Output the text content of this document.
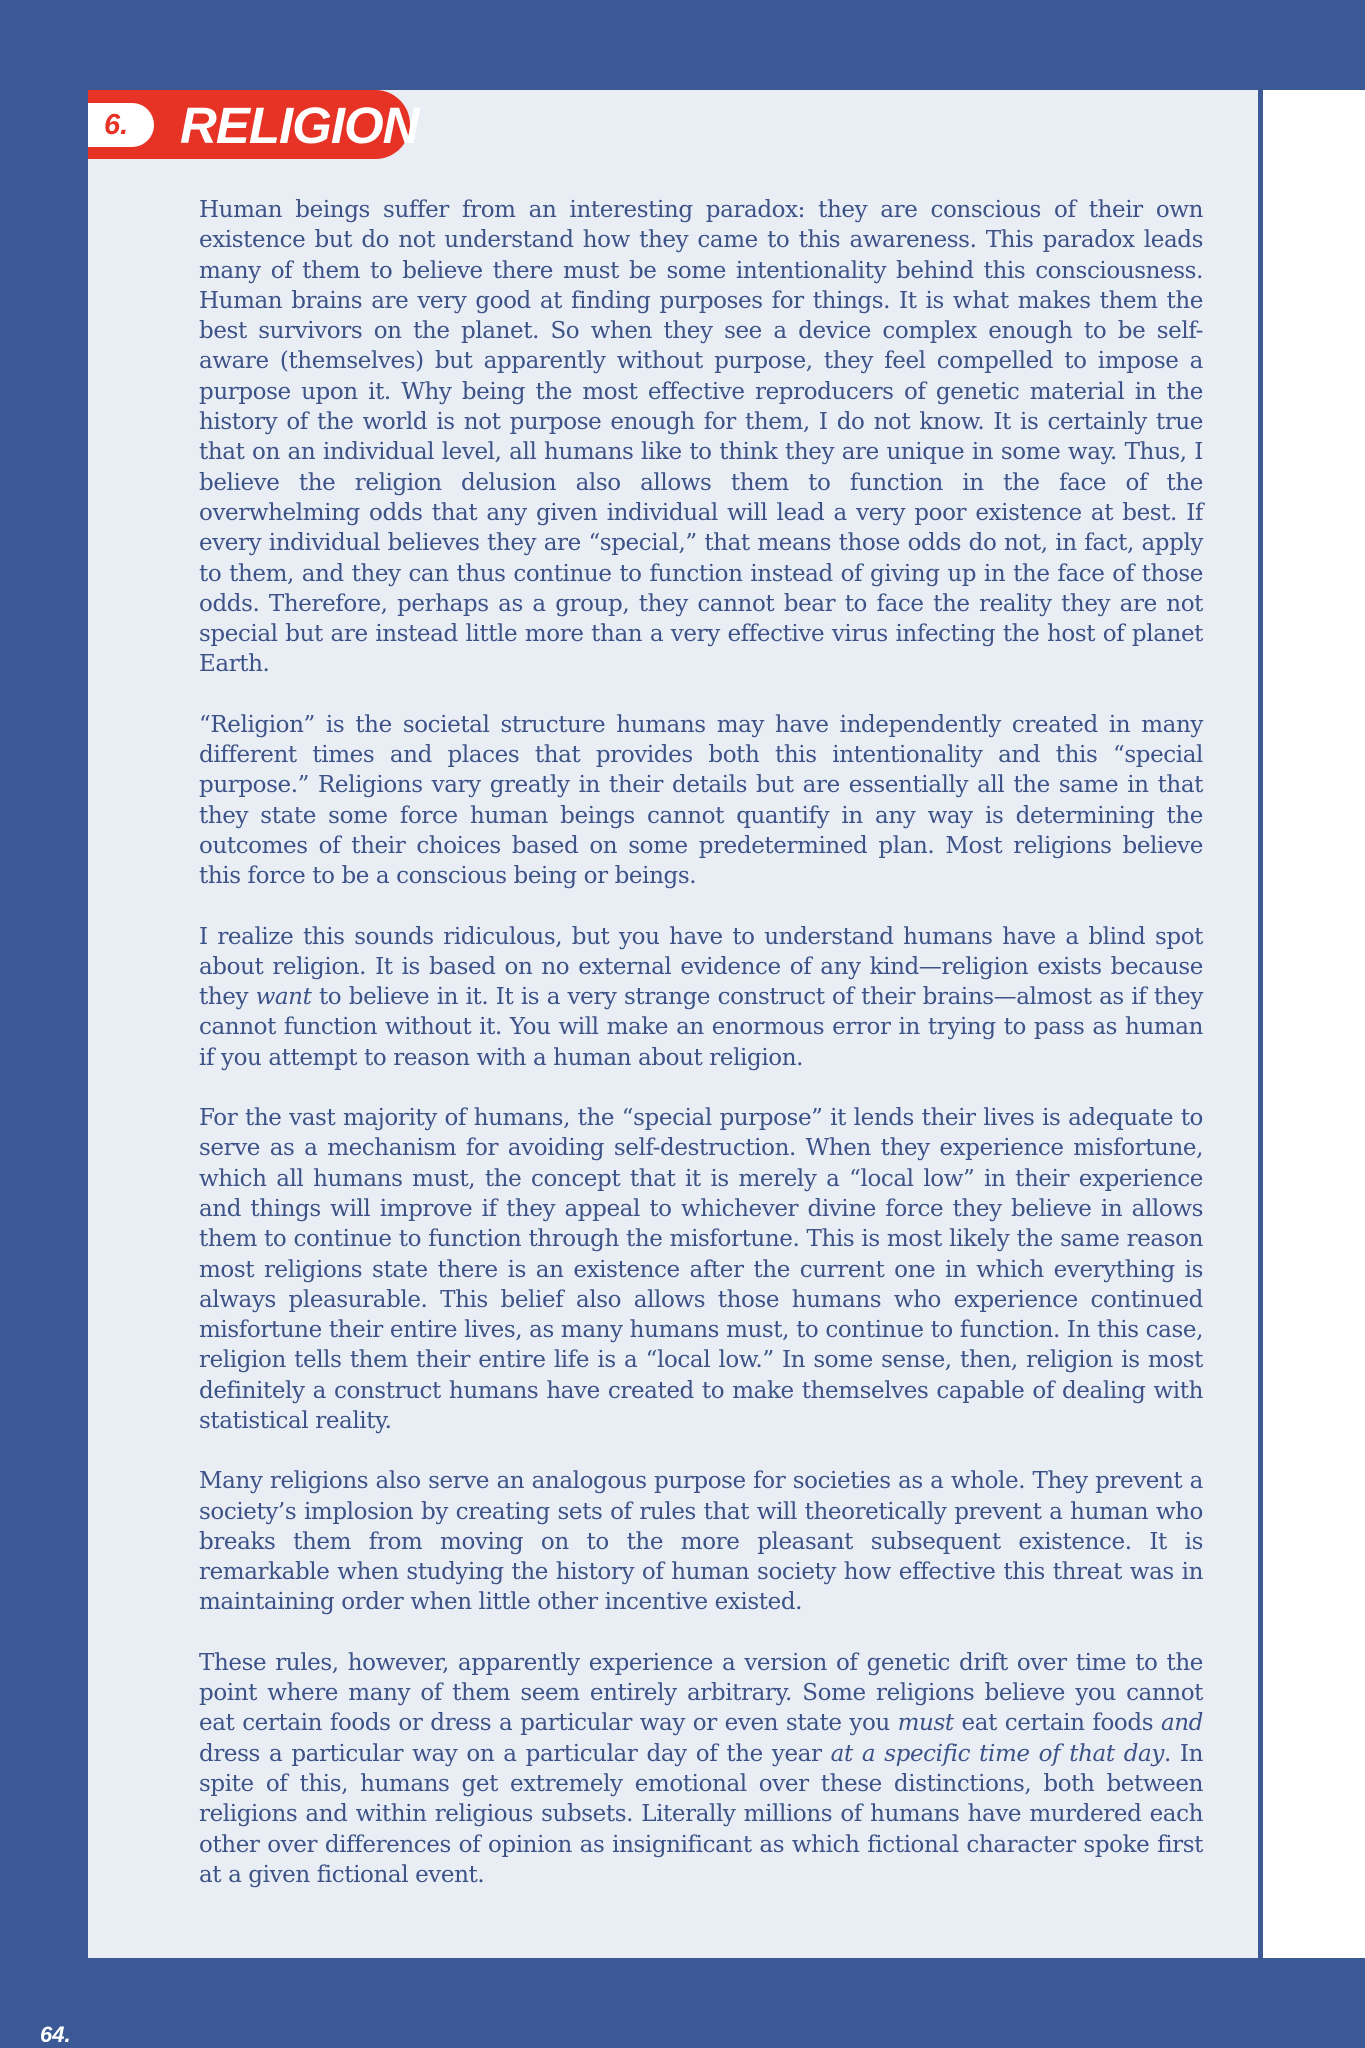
6. RELIGION

Human beings suffer from an interesting paradox: they are conscious of their own existence but do not understand how they came to this awareness. This paradox leads many of them to believe there must be some intentionality behind this consciousness. Human brains are very good at finding purposes for things. It is what makes them the best survivors on the planet. So when they see a device complex enough to be self-aware (themselves) but apparently without purpose, they feel compelled to impose a purpose upon it. Why being the most effective reproducers of genetic material in the history of the world is not purpose enough for them, I do not know. It is certainly true that on an individual level, all humans like to think they are unique in some way. Thus, I believe the religion delusion also allows them to function in the face of the overwhelming odds that any given individual will lead a very poor existence at best. If every individual believes they are “special,” that means those odds do not, in fact, apply to them, and they can thus continue to function instead of giving up in the face of those odds. Therefore, perhaps as a group, they cannot bear to face the reality they are not special but are instead little more than a very effective virus infecting the host of planet Earth.

“Religion” is the societal structure humans may have independently created in many different times and places that provides both this intentionality and this “special purpose.” Religions vary greatly in their details but are essentially all the same in that they state some force human beings cannot quantify in any way is determining the outcomes of their choices based on some predetermined plan. Most religions believe this force to be a conscious being or beings.

I realize this sounds ridiculous, but you have to understand humans have a blind spot about religion. It is based on no external evidence of any kind—religion exists because they want to believe in it. It is a very strange construct of their brains—almost as if they cannot function without it. You will make an enormous error in trying to pass as human if you attempt to reason with a human about religion.

For the vast majority of humans, the “special purpose” it lends their lives is adequate to serve as a mechanism for avoiding self-destruction. When they experience misfortune, which all humans must, the concept that it is merely a “local low” in their experience and things will improve if they appeal to whichever divine force they believe in allows them to continue to function through the misfortune. This is most likely the same reason most religions state there is an existence after the current one in which everything is always pleasurable. This belief also allows those humans who experience continued misfortune their entire lives, as many humans must, to continue to function. In this case, religion tells them their entire life is a “local low.” In some sense, then, religion is most definitely a construct humans have created to make themselves capable of dealing with statistical reality.

Many religions also serve an analogous purpose for societies as a whole. They prevent a society’s implosion by creating sets of rules that will theoretically prevent a human who breaks them from moving on to the more pleasant subsequent existence. It is remarkable when studying the history of human society how effective this threat was in maintaining order when little other incentive existed.

These rules, however, apparently experience a version of genetic drift over time to the point where many of them seem entirely arbitrary. Some religions believe you cannot eat certain foods or dress a particular way or even state you must eat certain foods and dress a particular way on a particular day of the year at a specific time of that day. In spite of this, humans get extremely emotional over these distinctions, both between religions and within religious subsets. Literally millions of humans have murdered each other over differences of opinion as insignificant as which fictional character spoke first at a given fictional event.

64.
